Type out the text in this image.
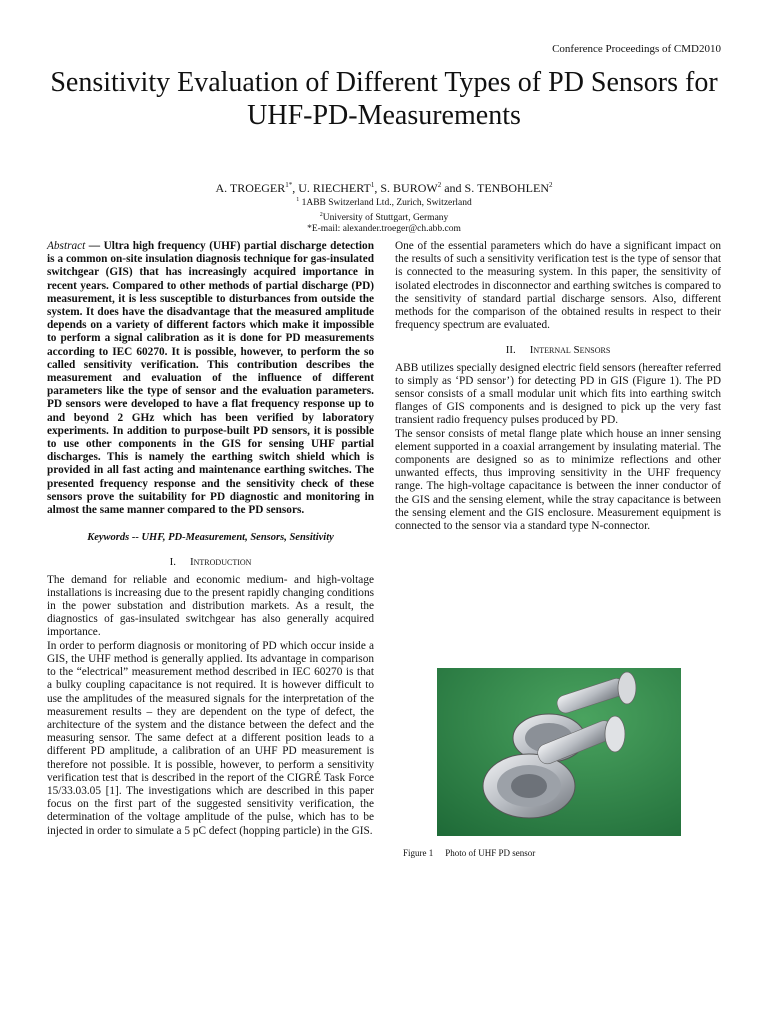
Conference Proceedings of CMD2010
Sensitivity Evaluation of Different Types of PD Sensors for UHF-PD-Measurements
A. $TROEGER^{1*}$, U. RIECHERT$^1$, S. BUROW$^2$ and S. TENBOHLEN$^2$
$^1$ 1ABB Switzerland Ltd., Zurich, Switzerland
$^2$University of Stuttgart, Germany
*E-mail: alexander.troeger@ch.abb.com

Abstract — Ultra high frequency (UHF) partial discharge detection is a common on-site insulation diagnosis technique for gas-insulated switchgear (GIS) that has increasingly acquired importance in recent years. Compared to other methods of partial discharge (PD) measurement, it is less susceptible to disturbances from outside the system. It does have the disadvantage that the measured amplitude depends on a variety of different factors which make it impossible to perform a signal calibration as it is done for PD measurements according to IEC 60270. It is possible, however, to perform the so called sensitivity verification. This contribution describes the measurement and evaluation of the influence of different parameters like the type of sensor and the evaluation parameters. PD sensors were developed to have a flat frequency response up to and beyond 2 GHz which has been verified by laboratory experiments. In addition to purpose-built PD sensors, it is possible to use other components in the GIS for sensing UHF partial discharges. This is namely the earthing switch shield which is provided in all fast acting and maintenance earthing switches. The presented frequency response and the sensitivity check of these sensors prove the suitability for PD diagnostic and monitoring in almost the same manner compared to the PD sensors.

Keywords -- UHF, PD-Measurement, Sensors, Sensitivity

I. Introduction

The demand for reliable and economic medium- and high-voltage installations is increasing due to the present rapidly changing conditions in the power substation and distribution markets. As a result, the diagnostics of gas-insulated switchgear has also generally acquired importance.

In order to perform diagnosis or monitoring of PD which occur inside a GIS, the UHF method is generally applied. Its advantage in comparison to the “electrical” measurement method described in IEC 60270 is that a bulky coupling capacitance is not required. It is however difficult to use the amplitudes of the measured signals for the interpretation of the measurement results – they are dependent on the type of defect, the architecture of the system and the distance between the defect and the measuring sensor. The same defect at a different position leads to a different PD amplitude, a calibration of an UHF PD measurement is therefore not possible. It is possible, however, to perform a sensitivity verification test that is described in the report of the CIGRÉ Task Force 15/33.03.05 [1]. The investigations which are described in this paper focus on the first part of the suggested sensitivity verification, the determination of the voltage amplitude of the pulse, which has to be injected in order to simulate a 5 pC defect (hopping particle) in the GIS.

One of the essential parameters which do have a significant impact on the results of such a sensitivity verification test is the type of sensor that is connected to the measuring system. In this paper, the sensitivity of isolated electrodes in disconnector and earthing switches is compared to the sensitivity of standard partial discharge sensors. Also, different methods for the comparison of the obtained results in respect to their frequency spectrum are evaluated.

II. Internal Sensors

ABB utilizes specially designed electric field sensors (hereafter referred to simply as ‘PD sensor’) for detecting PD in GIS (Figure 1). The PD sensor consists of a small modular unit which fits into earthing switch flanges of GIS components and is designed to pick up the very fast transient radio frequency pulses produced by PD.

The sensor consists of metal flange plate which house an inner sensing element supported in a coaxial arrangement by insulating material. The components are designed so as to minimize reflections and other unwanted effects, thus improving sensitivity in the UHF frequency range. The high-voltage capacitance is between the inner conductor of the GIS and the sensing element, while the stray capacitance is between the sensing element and the GIS enclosure. Measurement equipment is connected to the sensor via a standard type N-connector.

Figure 1 Photo of UHF PD sensor
